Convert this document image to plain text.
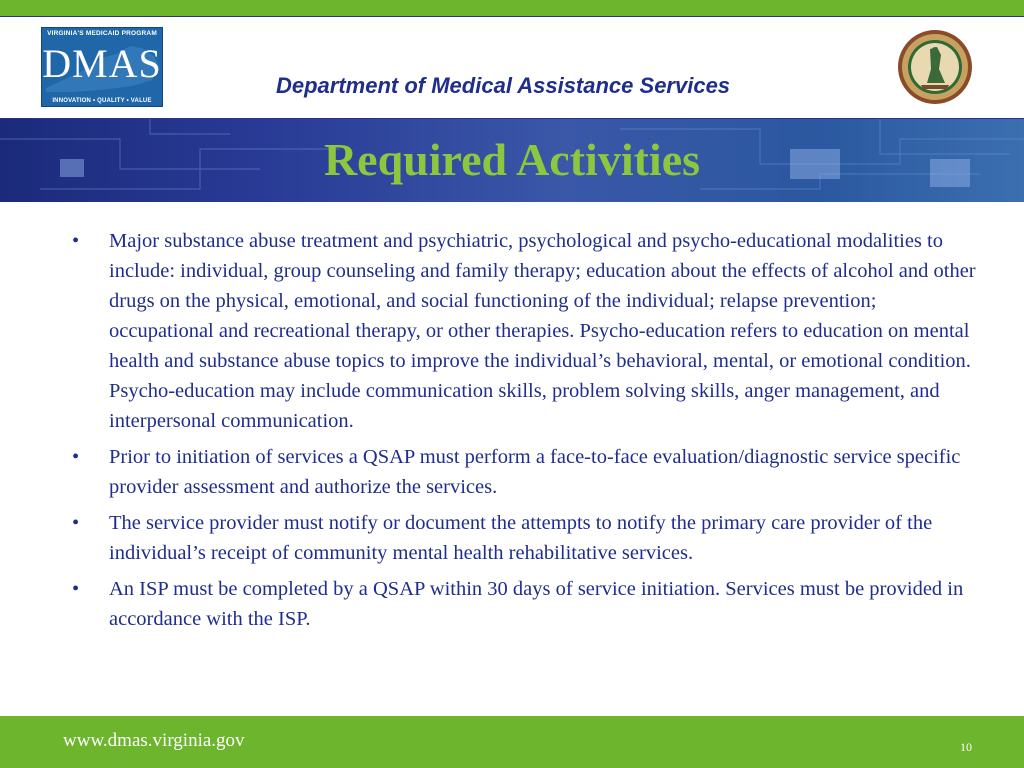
VIRGINIA'S MEDICAID PROGRAM
DMAS
INNOVATION • QUALITY • VALUE
Department of Medical Assistance Services
Required Activities
• Major substance abuse treatment and psychiatric, psychological and psycho-educational modalities to include: individual, group counseling and family therapy; education about the effects of alcohol and other drugs on the physical, emotional, and social functioning of the individual; relapse prevention; occupational and recreational therapy, or other therapies. Psycho-education refers to education on mental health and substance abuse topics to improve the individual’s behavioral, mental, or emotional condition. Psycho-education may include communication skills, problem solving skills, anger management, and interpersonal communication.
• Prior to initiation of services a QSAP must perform a face-to-face evaluation/diagnostic service specific provider assessment and authorize the services.
• The service provider must notify or document the attempts to notify the primary care provider of the individual’s receipt of community mental health rehabilitative services.
• An ISP must be completed by a QSAP within 30 days of service initiation. Services must be provided in accordance with the ISP.
www.dmas.virginia.gov	10
